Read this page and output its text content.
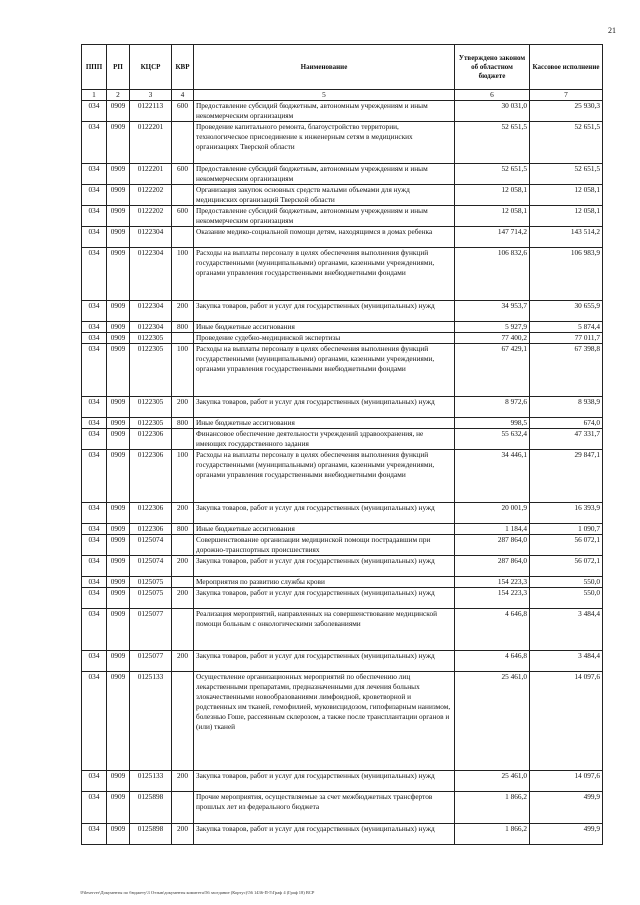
21
ППП	РП	КЦСР	КВР	Наименование	Утверждено законом об областном бюджете	Кассовое исполнение
1	2	3	4	5	6	7
034	0909	0122113	600	Предоставление субсидий бюджетным, автономным учреждениям и иным некоммерческим организациям	30 031,0	25 930,3
034	0909	0122201		Проведение капитального ремонта, благоустройство территории, технологическое присоединение к инженерным сетям в медицинских организациях Тверской области	52 651,5	52 651,5
034	0909	0122201	600	Предоставление субсидий бюджетным, автономным учреждениям и иным некоммерческим организациям	52 651,5	52 651,5
034	0909	0122202		Организация закупок основных средств малыми объемами для нужд медицинских организаций Тверской области	12 058,1	12 058,1
034	0909	0122202	600	Предоставление субсидий бюджетным, автономным учреждениям и иным некоммерческим организациям	12 058,1	12 058,1
034	0909	0122304		Оказание медико-социальной помощи детям, находящимся в домах ребенка	147 714,2	143 514,2
034	0909	0122304	100	Расходы на выплаты персоналу в целях обеспечения выполнения функций государственными (муниципальными) органами, казенными учреждениями, органами управления государственными внебюджетными фондами	106 832,6	106 983,9
034	0909	0122304	200	Закупка товаров, работ и услуг для государственных (муниципальных) нужд	34 953,7	30 655,9
034	0909	0122304	800	Иные бюджетные ассигнования	5 927,9	5 874,4
034	0909	0122305		Проведение судебно-медицинской экспертизы	77 400,2	77 011,7
034	0909	0122305	100	Расходы на выплаты персоналу в целях обеспечения выполнения функций государственными (муниципальными) органами, казенными учреждениями, органами управления государственными внебюджетными фондами	67 429,1	67 398,8
034	0909	0122305	200	Закупка товаров, работ и услуг для государственных (муниципальных) нужд	8 972,6	8 938,9
034	0909	0122305	800	Иные бюджетные ассигнования	998,5	674,0
034	0909	0122306		Финансовое обеспечение деятельности учреждений здравоохранения, не имеющих государственного задания	55 632,4	47 331,7
034	0909	0122306	100	Расходы на выплаты персоналу в целях обеспечения выполнения функций государственными (муниципальными) органами, казенными учреждениями, органами управления государственными внебюджетными фондами	34 446,1	29 847,1
034	0909	0122306	200	Закупка товаров, работ и услуг для государственных (муниципальных) нужд	20 001,9	16 393,9
034	0909	0122306	800	Иные бюджетные ассигнования	1 184,4	1 090,7
034	0909	0125074		Совершенствование организации медицинской помощи пострадавшим при дорожно-транспортных происшествиях	287 864,0	56 072,1
034	0909	0125074	200	Закупка товаров, работ и услуг для государственных (муниципальных) нужд	287 864,0	56 072,1
034	0909	0125075		Мероприятия по развитию службы крови	154 223,3	550,0
034	0909	0125075	200	Закупка товаров, работ и услуг для государственных (муниципальных) нужд	154 223,3	550,0
034	0909	0125077		Реализация мероприятий, направленных на совершенствование медицинской помощи больным с онкологическими заболеваниями	4 646,8	3 484,4
034	0909	0125077	200	Закупка товаров, работ и услуг для государственных (муниципальных) нужд	4 646,8	3 484,4
034	0909	0125133		Осуществление организационных мероприятий по обеспечению лиц лекарственными препаратами, предназначенными для лечения больных злокачественными новообразованиями лимфоидной, кроветворной и родственных им тканей, гемофилией, муковисцидозом, гипофизарным нанизмом, болезнью Гоше, рассеянным склерозом, а также после трансплантации органов и (или) тканей	25 461,0	14 097,6
034	0909	0125133	200	Закупка товаров, работ и услуг для государственных (муниципальных) нужд	25 461,0	14 097,6
034	0909	0125898		Прочие мероприятия, осуществляемые за счет межбюджетных трансфертов прошлых лет из федерального бюджета	1 866,2	499,9
034	0909	0125898	200	Закупка товаров, работ и услуг для государственных (муниципальных) нужд	1 866,2	499,9
\Fileserver\Документы по бюджету\3 Отзыв\документы комитета\56 заседание (Кортус)\56 1436-П-5\Граф 4 (Граф 18) ВСР
